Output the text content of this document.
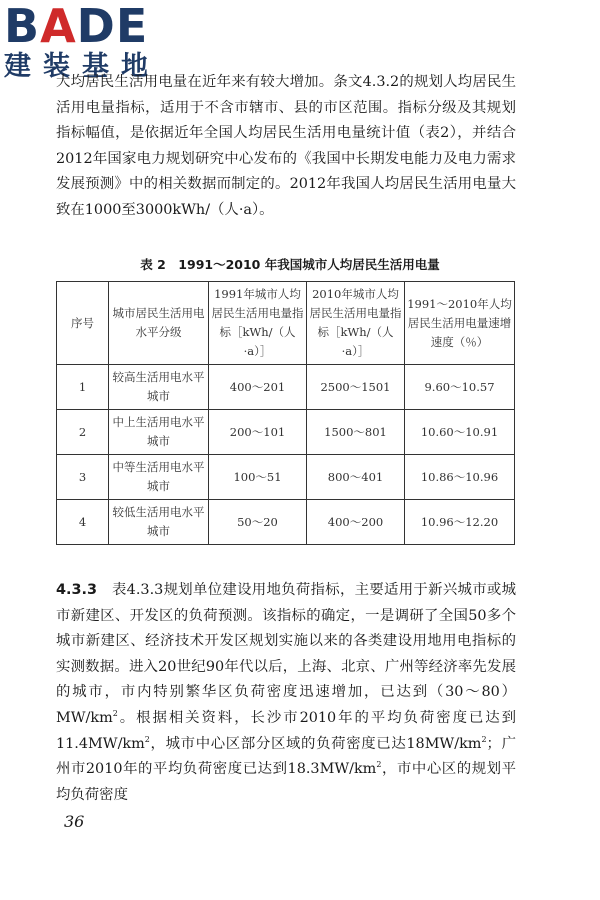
BADE
建装基地
大均居民生活用电量在近年来有较大增加。条文4.3.2的规划人均居民生活用电量指标，适用于不含市辖市、县的市区范围。指标分级及其规划指标幅值，是依据近年全国人均居民生活用电量统计值（表2），并结合2012年国家电力规划研究中心发布的《我国中长期发电能力及电力需求发展预测》中的相关数据而制定的。2012年我国人均居民生活用电量大致在1000至3000kWh/（人·a）。
表 2　1991～2010 年我国城市人均居民生活用电量
序号	城市居民生活用电水平分级	1991年城市人均居民生活用电量指标［kWh/（人·a）］	2010年城市人均居民生活用电量指标［kWh/（人·a）］	1991～2010年人均居民生活用电量速增速度（％）
1	较高生活用电水平城市	400～201	2500～1501	9.60～10.57
2	中上生活用电水平城市	200～101	1500～801	10.60～10.91
3	中等生活用电水平城市	100～51	800～401	10.86～10.96
4	较低生活用电水平城市	50～20	400～200	10.96～12.20
4.3.3　表4.3.3规划单位建设用地负荷指标，主要适用于新兴城市或城市新建区、开发区的负荷预测。该指标的确定，一是调研了全国50多个城市新建区、经济技术开发区规划实施以来的各类建设用地用电指标的实测数据。进入20世纪90年代以后，上海、北京、广州等经济率先发展的城市，市内特别繁华区负荷密度迅速增加，已达到$(30\sim 80)MW/km^2$。根据相关资料，长沙市2010年的平均负荷密度已达到$11.4MW/km^2$，城市中心区部分区域的负荷密度已达$18MW/km^2$；广州市2010年的平均负荷密度已达到$18.3MW/km^2$，市中心区的规划平均负荷密度
36
